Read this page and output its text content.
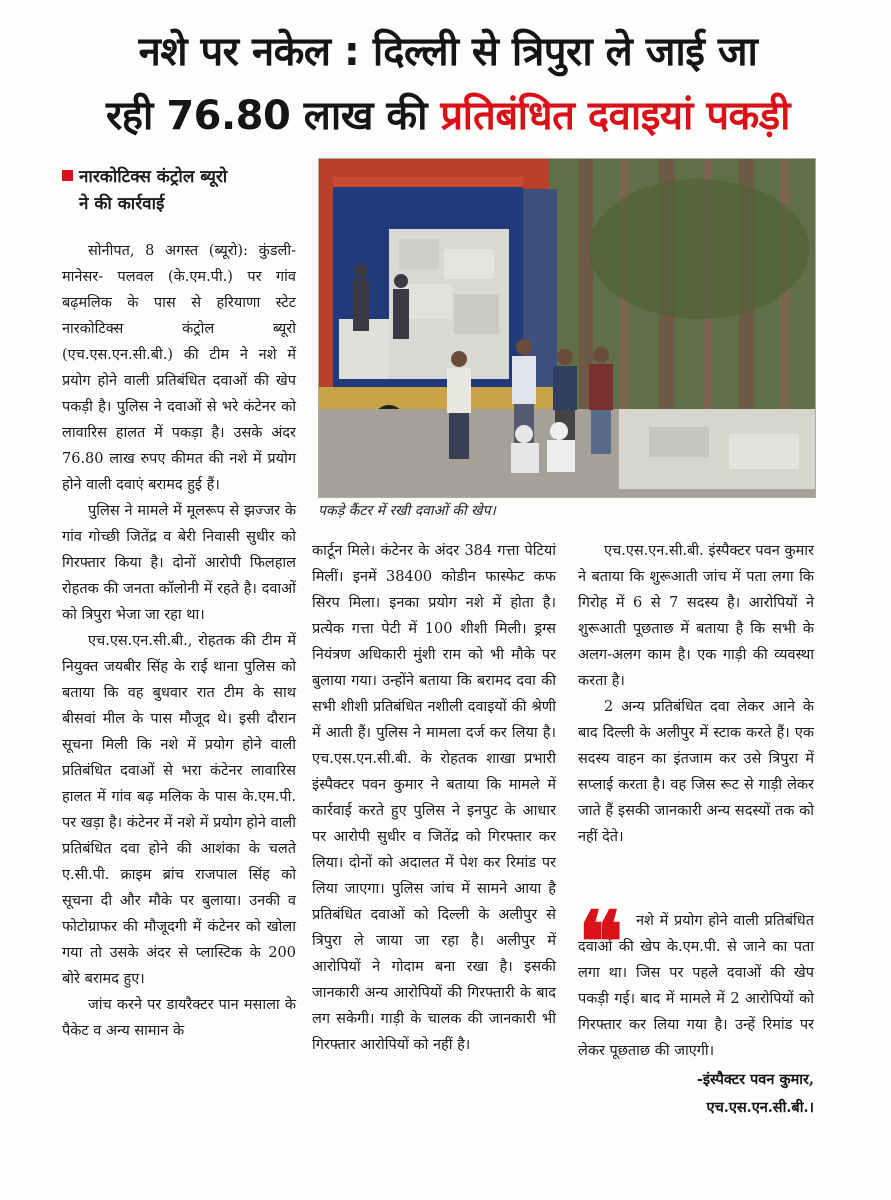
नशे पर नकेल : दिल्ली से त्रिपुरा ले जाई जा
रही 76.80 लाख की प्रतिबंधित दवाइयां पकड़ी
नारकोटिक्स कंट्रोल ब्यूरो
ने की कार्रवाई

सोनीपत, 8 अगस्त (ब्यूरो): कुंडली-मानेसर- पलवल (के.एम.पी.) पर गांव बढ़मलिक के पास से हरियाणा स्टेट नारकोटिक्स कंट्रोल ब्यूरो (एच.एस.एन.सी.बी.) की टीम ने नशे में प्रयोग होने वाली प्रतिबंधित दवाओं की खेप पकड़ी है। पुलिस ने दवाओं से भरे कंटेनर को लावारिस हालत में पकड़ा है। उसके अंदर 76.80 लाख रुपए कीमत की नशे में प्रयोग होने वाली दवाएं बरामद हुई हैं।

पुलिस ने मामले में मूलरूप से झज्जर के गांव गोच्छी जितेंद्र व बेरी निवासी सुधीर को गिरफ्तार किया है। दोनों आरोपी फिलहाल रोहतक की जनता कॉलोनी में रहते है। दवाओं को त्रिपुरा भेजा जा रहा था।

एच.एस.एन.सी.बी., रोहतक की टीम में नियुक्त जयबीर सिंह के राई थाना पुलिस को बताया कि वह बुधवार रात टीम के साथ बीसवां मील के पास मौजूद थे। इसी दौरान सूचना मिली कि नशे में प्रयोग होने वाली प्रतिबंधित दवाओं से भरा कंटेनर लावारिस हालत में गांव बढ़ मलिक के पास के.एम.पी. पर खड़ा है। कंटेनर में नशे में प्रयोग होने वाली प्रतिबंधित दवा होने की आशंका के चलते ए.सी.पी. क्राइम ब्रांच राजपाल सिंह को सूचना दी और मौके पर बुलाया। उनकी व फोटोग्राफर की मौजूदगी में कंटेनर को खोला गया तो उसके अंदर से प्लास्टिक के 200 बोरे बरामद हुए।

जांच करने पर डायरैक्टर पान मसाला के पैकेट व अन्य सामान के

पकड़े कैंटर में रखी दवाओं की खेप।

कार्टून मिले। कंटेनर के अंदर 384 गत्ता पेटियां मिलीं। इनमें 38400 कोडीन फास्फेट कफ सिरप मिला। इनका प्रयोग नशे में होता है। प्रत्येक गत्ता पेटी में 100 शीशी मिली। ड्रग्स नियंत्रण अधिकारी मुंशी राम को भी मौके पर बुलाया गया। उन्होंने बताया कि बरामद दवा की सभी शीशी प्रतिबंधित नशीली दवाइयों की श्रेणी में आती हैं। पुलिस ने मामला दर्ज कर लिया है। एच.एस.एन.सी.बी. के रोहतक शाखा प्रभारी इंस्पैक्टर पवन कुमार ने बताया कि मामले में कार्रवाई करते हुए पुलिस ने इनपुट के आधार पर आरोपी सुधीर व जितेंद्र को गिरफ्तार कर लिया। दोनों को अदालत में पेश कर रिमांड पर लिया जाएगा। पुलिस जांच में सामने आया है प्रतिबंधित दवाओं को दिल्ली के अलीपुर से त्रिपुरा ले जाया जा रहा है। अलीपुर में आरोपियों ने गोदाम बना रखा है। इसकी जानकारी अन्य आरोपियों की गिरफ्तारी के बाद लग सकेगी। गाड़ी के चालक की जानकारी भी गिरफ्तार आरोपियों को नहीं है।

एच.एस.एन.सी.बी. इंस्पैक्टर पवन कुमार ने बताया कि शुरूआती जांच में पता लगा कि गिरोह में 6 से 7 सदस्य है। आरोपियों ने शुरूआती पूछताछ में बताया है कि सभी के अलग-अलग काम है। एक गाड़ी की व्यवस्था करता है।

2 अन्य प्रतिबंधित दवा लेकर आने के बाद दिल्ली के अलीपुर में स्टाक करते हैं। एक सदस्य वाहन का इंतजाम कर उसे त्रिपुरा में सप्लाई करता है। वह जिस रूट से गाड़ी लेकर जाते हैं इसकी जानकारी अन्य सदस्यों तक को नहीं देते।

❝ नशे में प्रयोग होने वाली प्रतिबंधित दवाओं की खेप के.एम.पी. से जाने का पता लगा था। जिस पर पहले दवाओं की खेप पकड़ी गई। बाद में मामले में 2 आरोपियों को गिरफ्तार कर लिया गया है। उन्हें रिमांड पर लेकर पूछताछ की जाएगी।
-इंस्पैक्टर पवन कुमार,
एच.एस.एन.सी.बी.।
